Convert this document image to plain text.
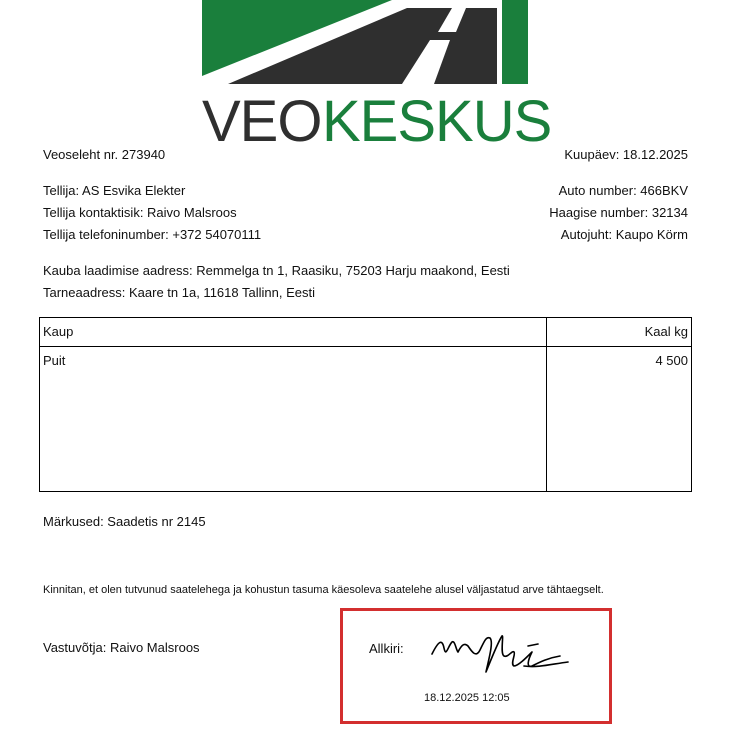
VEO KESKUS
Veoseleht nr. 273940	Kuupäev: 18.12.2025
Tellija: AS Esvika Elekter
Tellija kontaktisik: Raivo Malsroos
Tellija telefoninumber: +372 54070111
Auto number: 466BKV
Haagise number: 32134
Autojuht: Kaupo Körm
Kauba laadimise aadress: Remmelga tn 1, Raasiku, 75203 Harju maakond, Eesti
Tarneaadress: Kaare tn 1a, 11618 Tallinn, Eesti
Kaup	Kaal kg
Puit	4 500
Märkused: Saadetis nr 2145
Kinnitan, et olen tutvunud saatelehega ja kohustun tasuma käesoleva saatelehe alusel väljastatud arve tähtaegselt.
Vastuvõtja: Raivo Malsroos	Allkiri:
18.12.2025 12:05
